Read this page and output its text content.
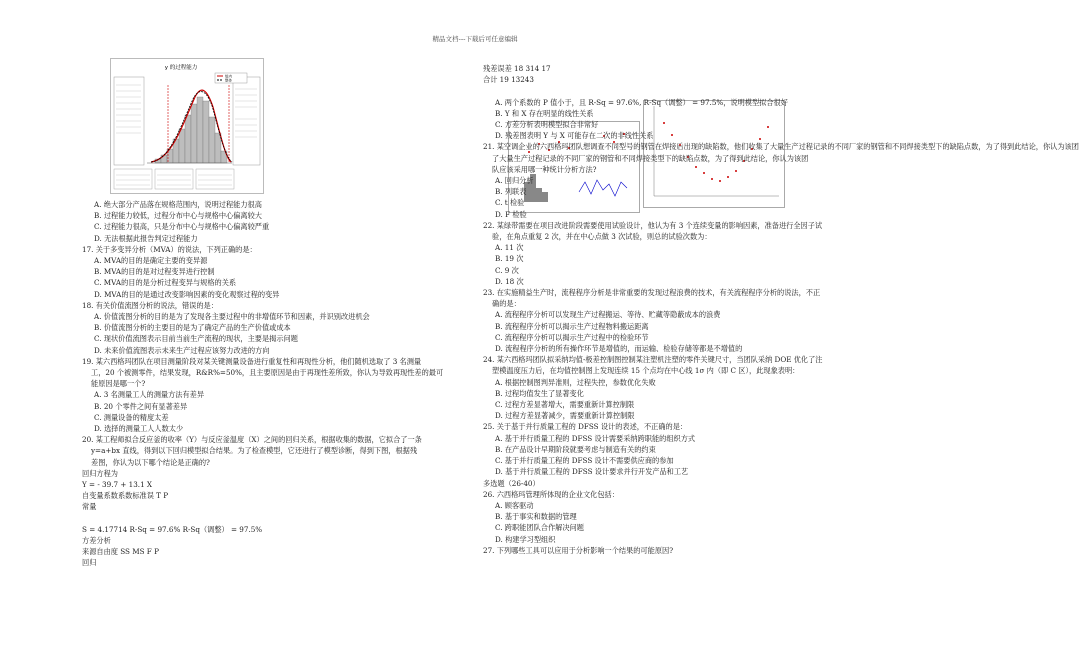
精品文档---下载后可任意编辑
y 的过程能力
组内
整体
A. 绝大部分产品落在规格范围内，说明过程能力很高
B. 过程能力较低，过程分布中心与规格中心偏离较大
C. 过程能力很高，只是分布中心与规格中心偏离较严重
D. 无法根据此报告判定过程能力
17. 关于多变异分析（MVA）的说法，下列正确的是：
A. MVA的目的是确定主要的变异源
B. MVA的目的是对过程变异进行控制
C. MVA的目的是分析过程变异与规格的关系
D. MVA的目的是通过改变影响因素的变化观察过程的变异
18. 有关价值流图分析的说法，错误的是：
A. 价值流图分析的目的是为了发现各主要过程中的非增值环节和因素，并识别改进机会
B. 价值流图分析的主要目的是为了确定产品的生产价值或成本
C. 现状价值流图表示目前当前生产流程的现状，主要是揭示问题
D. 未来价值流图表示未来生产过程应该努力改进的方向
19. 某六西格玛团队在项目测量阶段对某关键测量设备进行重复性和再现性分析，他们随机选取了 3 名测量
工，20 个被测零件，结果发现，R&R%=50%，且主要原因是由于再现性差所致，你认为导致再现性差的最可
能原因是哪一个?
A. 3 名测量工人的测量方法有差异
B. 20 个零件之间有显著差异
C. 测量设备的精度太差
D. 选择的测量工人人数太少
20. 某工程师拟合反应釜的收率（Y）与反应釜温度（X）之间的回归关系，根据收集的数据，它拟合了一条
y=a+bx 直线，得到以下回归模型拟合结果。为了检查模型，它还进行了模型诊断，得到下图，根据残
差图，你认为以下哪个结论是正确的?
回归方程为
Y = - 39.7 + 13.1 X
自变量系数系数标准误 T P
常量
S = 4.17714 R-Sq = 97.6% R-Sq（调整） = 97.5%
方差分析
来源自由度 SS MS F P
回归
残差误差 18 314 17
合计 19 13243
A. 两个系数的 P 值小于，且 R-Sq = 97.6%, R-Sq（调整） = 97.5%，说明模型拟合很好
B. Y 和 X 存在明显的线性关系
C. 方差分析表明模型拟合非常好
D. 残差图表明 Y 与 X 可能存在二次的非线性关系
21. 某空调企业的六西格玛团队想调查不同型号的钢管在焊接后出现的缺陷数，他们收集了大量生产过程记录的不同厂家的钢管和不同焊接类型下的缺陷点数，为了得到此结论，你认为该团
了大量生产过程记录的不同厂家的钢管和不同焊接类型下的缺陷点数，为了得到此结论，你认为该团
队应该采用哪一种统计分析方法?
A. 回归分析
B. 列联表
C. t 检验
D. F 检验
22. 某绿带需要在项目改进阶段需要使用试验设计，他认为有 3 个连续变量的影响因素，准备进行全因子试
验，在角点重复 2 次，并在中心点做 3 次试验，则总的试验次数为：
A. 11 次
B. 19 次
C. 9 次
D. 18 次
23. 在实施精益生产时，流程程序分析是非常重要的发现过程浪费的技术，有关流程程序分析的说法，不正
确的是：
A. 流程程序分析可以发现生产过程搬运、等待、贮藏等隐蔽成本的浪费
B. 流程程序分析可以揭示生产过程物料搬运距离
C. 流程程序分析可以揭示生产过程中的检验环节
D. 流程程序分析的所有操作环节是增值的，而运输、检验存储等都是不增值的
24. 某六西格玛团队拟采纳均值-极差控制图控制某注塑机注塑的零件关键尺寸，当团队采纳 DOE 优化了注
塑模温度压力后，在均值控制图上发现连续 15 个点均在中心线 1σ 内（即 C 区），此现象表明：
A. 根据控制图判异准则，过程失控，参数优化失败
B. 过程均值发生了显著变化
C. 过程方差显著增大，需要重新计算控制限
D. 过程方差显著减少，需要重新计算控制限
25. 关于基于并行质量工程的 DFSS 设计的表述，不正确的是：
A. 基于并行质量工程的 DFSS 设计需要采纳跨职能的组织方式
B. 在产品设计早期阶段就要考虑与制造有关的约束
C. 基于并行质量工程的 DFSS 设计不需要供应商的参加
D. 基于并行质量工程的 DFSS 设计要求并行开发产品和工艺
多选题（26-40）
26. 六西格玛管理所体现的企业文化包括：
A. 顾客驱动
B. 基于事实和数据的管理
C. 跨职能团队合作解决问题
D. 构建学习型组织
27. 下列哪些工具可以应用于分析影响一个结果的可能原因?
